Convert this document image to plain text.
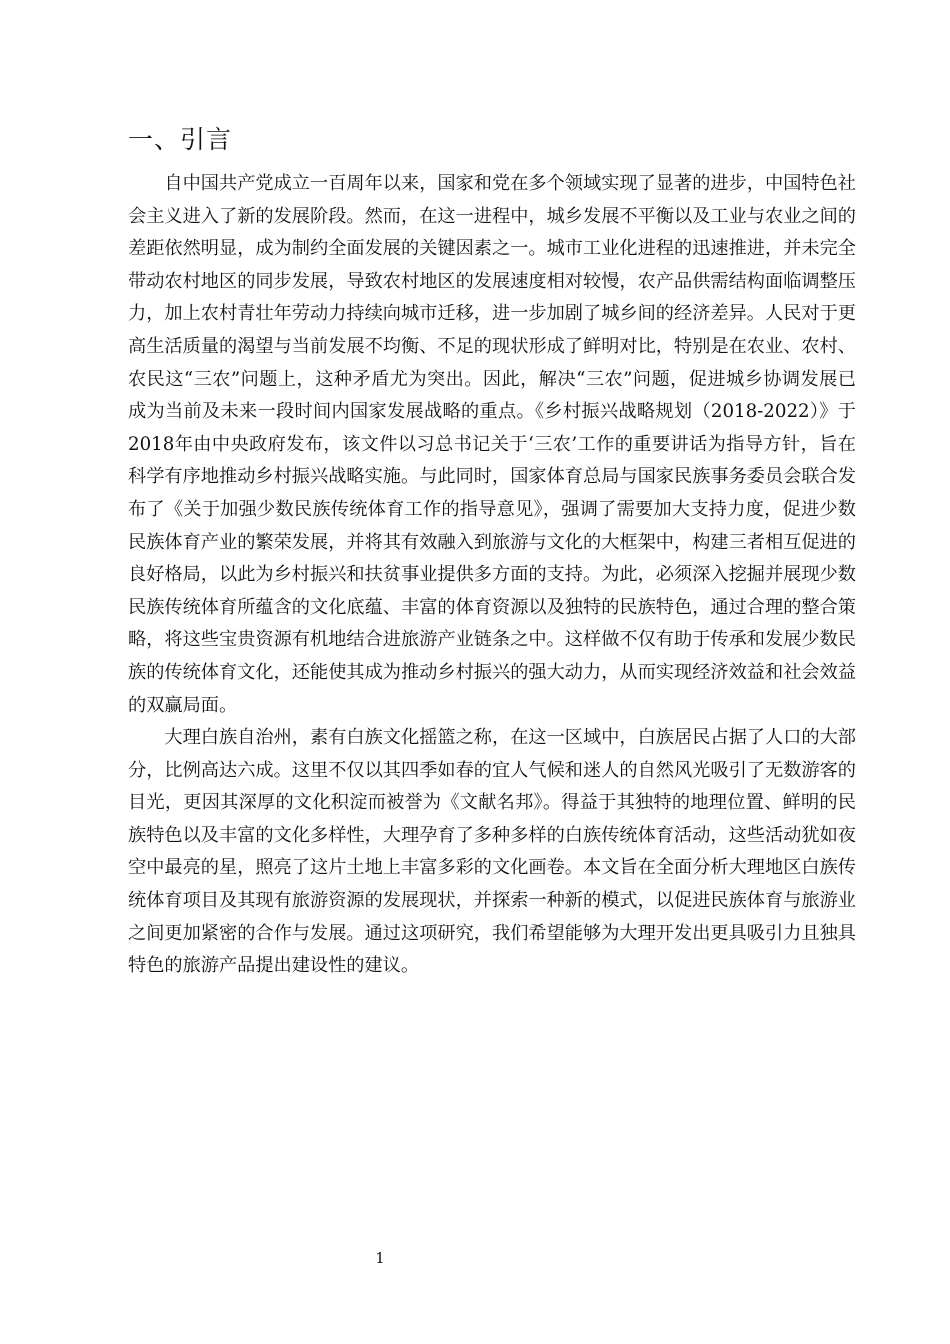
一、引言

自中国共产党成立一百周年以来，国家和党在多个领域实现了显著的进步，中国特色社会主义进入了新的发展阶段。然而，在这一进程中，城乡发展不平衡以及工业与农业之间的差距依然明显，成为制约全面发展的关键因素之一。城市工业化进程的迅速推进，并未完全带动农村地区的同步发展，导致农村地区的发展速度相对较慢，农产品供需结构面临调整压力，加上农村青壮年劳动力持续向城市迁移，进一步加剧了城乡间的经济差异。人民对于更高生活质量的渴望与当前发展不均衡、不足的现状形成了鲜明对比，特别是在农业、农村、农民这“三农”问题上，这种矛盾尤为突出。因此，解决“三农”问题，促进城乡协调发展已成为当前及未来一段时间内国家发展战略的重点。《乡村振兴战略规划（2018-2022）》于2018年由中央政府发布，该文件以习总书记关于‘三农’工作的重要讲话为指导方针，旨在科学有序地推动乡村振兴战略实施。与此同时，国家体育总局与国家民族事务委员会联合发布了《关于加强少数民族传统体育工作的指导意见》，强调了需要加大支持力度，促进少数民族体育产业的繁荣发展，并将其有效融入到旅游与文化的大框架中，构建三者相互促进的良好格局，以此为乡村振兴和扶贫事业提供多方面的支持。为此，必须深入挖掘并展现少数民族传统体育所蕴含的文化底蕴、丰富的体育资源以及独特的民族特色，通过合理的整合策略，将这些宝贵资源有机地结合进旅游产业链条之中。这样做不仅有助于传承和发展少数民族的传统体育文化，还能使其成为推动乡村振兴的强大动力，从而实现经济效益和社会效益的双赢局面。

大理白族自治州，素有白族文化摇篮之称，在这一区域中，白族居民占据了人口的大部分，比例高达六成。这里不仅以其四季如春的宜人气候和迷人的自然风光吸引了无数游客的目光，更因其深厚的文化积淀而被誉为《文献名邦》。得益于其独特的地理位置、鲜明的民族特色以及丰富的文化多样性，大理孕育了多种多样的白族传统体育活动，这些活动犹如夜空中最亮的星，照亮了这片土地上丰富多彩的文化画卷。本文旨在全面分析大理地区白族传统体育项目及其现有旅游资源的发展现状，并探索一种新的模式，以促进民族体育与旅游业之间更加紧密的合作与发展。通过这项研究，我们希望能够为大理开发出更具吸引力且独具特色的旅游产品提出建设性的建议。

1
